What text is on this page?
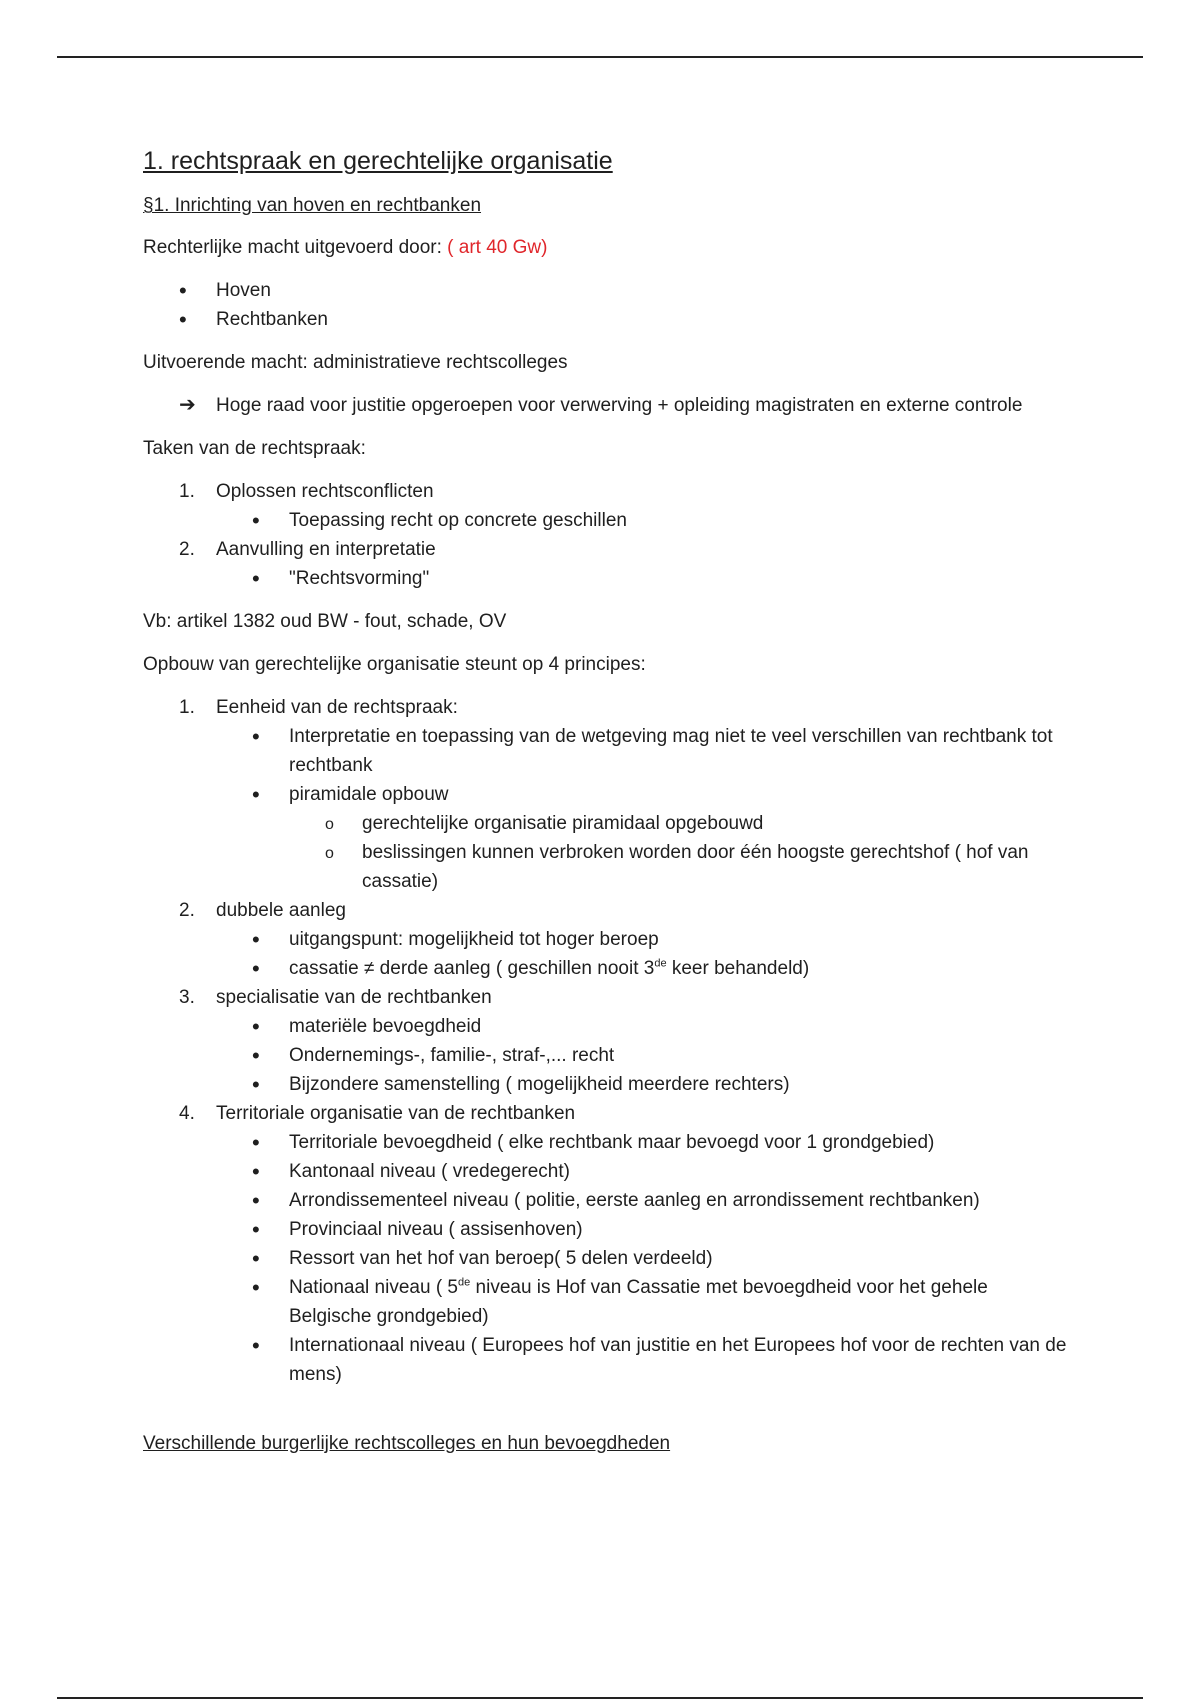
1. rechtspraak en gerechtelijke organisatie
§1. Inrichting van hoven en rechtbanken
Rechterlijke macht uitgevoerd door: ( art 40 Gw)
•
Hoven
•
Rechtbanken
Uitvoerende macht: administratieve rechtscolleges
➔
Hoge raad voor justitie opgeroepen voor verwerving + opleiding magistraten en externe controle
Taken van de rechtspraak:
1.	Oplossen rechtsconflicten
•
Toepassing recht op concrete geschillen
2.	Aanvulling en interpretatie
•
"Rechtsvorming"
Vb: artikel 1382 oud BW - fout, schade, OV
Opbouw van gerechtelijke organisatie steunt op 4 principes:
1.	Eenheid van de rechtspraak:
•
Interpretatie en toepassing van de wetgeving mag niet te veel verschillen van rechtbank tot rechtbank
•
piramidale opbouw
o
gerechtelijke organisatie piramidaal opgebouwd
o
beslissingen kunnen verbroken worden door één hoogste gerechtshof ( hof van cassatie)
2.	dubbele aanleg
•
uitgangspunt: mogelijkheid tot hoger beroep
•
cassatie ≠ derde aanleg ( geschillen nooit 3de keer behandeld)
3.	specialisatie van de rechtbanken
•
materiële bevoegdheid
•
Ondernemings-, familie-, straf-,... recht
•
Bijzondere samenstelling ( mogelijkheid meerdere rechters)
4.	Territoriale organisatie van de rechtbanken
•
Territoriale bevoegdheid ( elke rechtbank maar bevoegd voor 1 grondgebied)
•
Kantonaal niveau ( vredegerecht)
•
Arrondissementeel niveau ( politie, eerste aanleg en arrondissement rechtbanken)
•
Provinciaal niveau ( assisenhoven)
•
Ressort van het hof van beroep( 5 delen verdeeld)
•
Nationaal niveau ( 5de niveau is Hof van Cassatie met bevoegdheid voor het gehele Belgische grondgebied)
•
Internationaal niveau ( Europees hof van justitie en het Europees hof voor de rechten van de mens)
Verschillende burgerlijke rechtscolleges en hun bevoegdheden
